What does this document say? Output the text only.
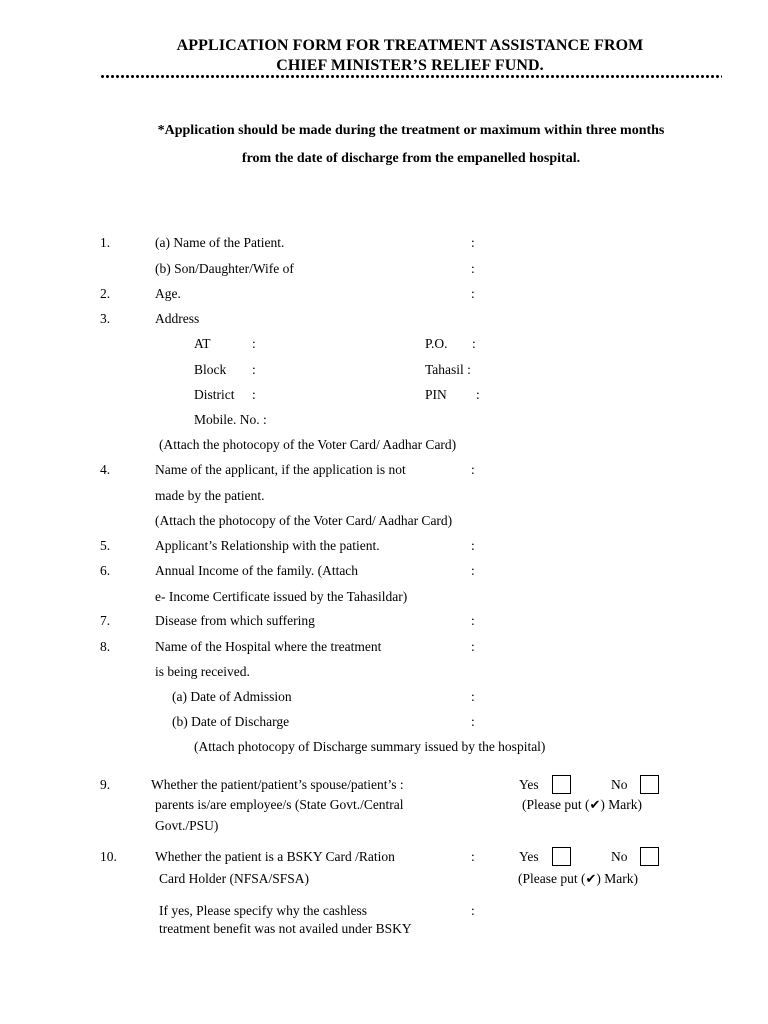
APPLICATION FORM FOR TREATMENT ASSISTANCE FROM
CHIEF MINISTER’S RELIEF FUND.
*Application should be made during the treatment or maximum within three months
from the date of discharge from the empanelled hospital.
1.	(a) Name of the Patient.	:
(b) Son/Daughter/Wife of	:
2.	Age.	:
3.	Address
AT	:	P.O. :
Block :	Tahasil :
District :	PIN :
Mobile. No. :
(Attach the photocopy of the Voter Card/ Aadhar Card)
4.	Name of the applicant, if the application is not	:
made by the patient.
(Attach the photocopy of the Voter Card/ Aadhar Card)
5.	Applicant’s Relationship with the patient.	:
6.	Annual Income of the family. (Attach	:
e- Income Certificate issued by the Tahasildar)
7.	Disease from which suffering	:
8.	Name of the Hospital where the treatment	:
is being received.
(a) Date of Admission	:
(b) Date of Discharge	:
(Attach photocopy of Discharge summary issued by the hospital)
9.	Whether the patient/patient’s spouse/patient’s :
parents is/are employee/s (State Govt./Central
Govt./PSU)
Yes	No
(Please put (✔) Mark)
10.	Whether the patient is a BSKY Card /Ration	:
Card Holder (NFSA/SFSA)
Yes	No
(Please put (✔) Mark)
If yes, Please specify why the cashless	:
treatment benefit was not availed under BSKY
